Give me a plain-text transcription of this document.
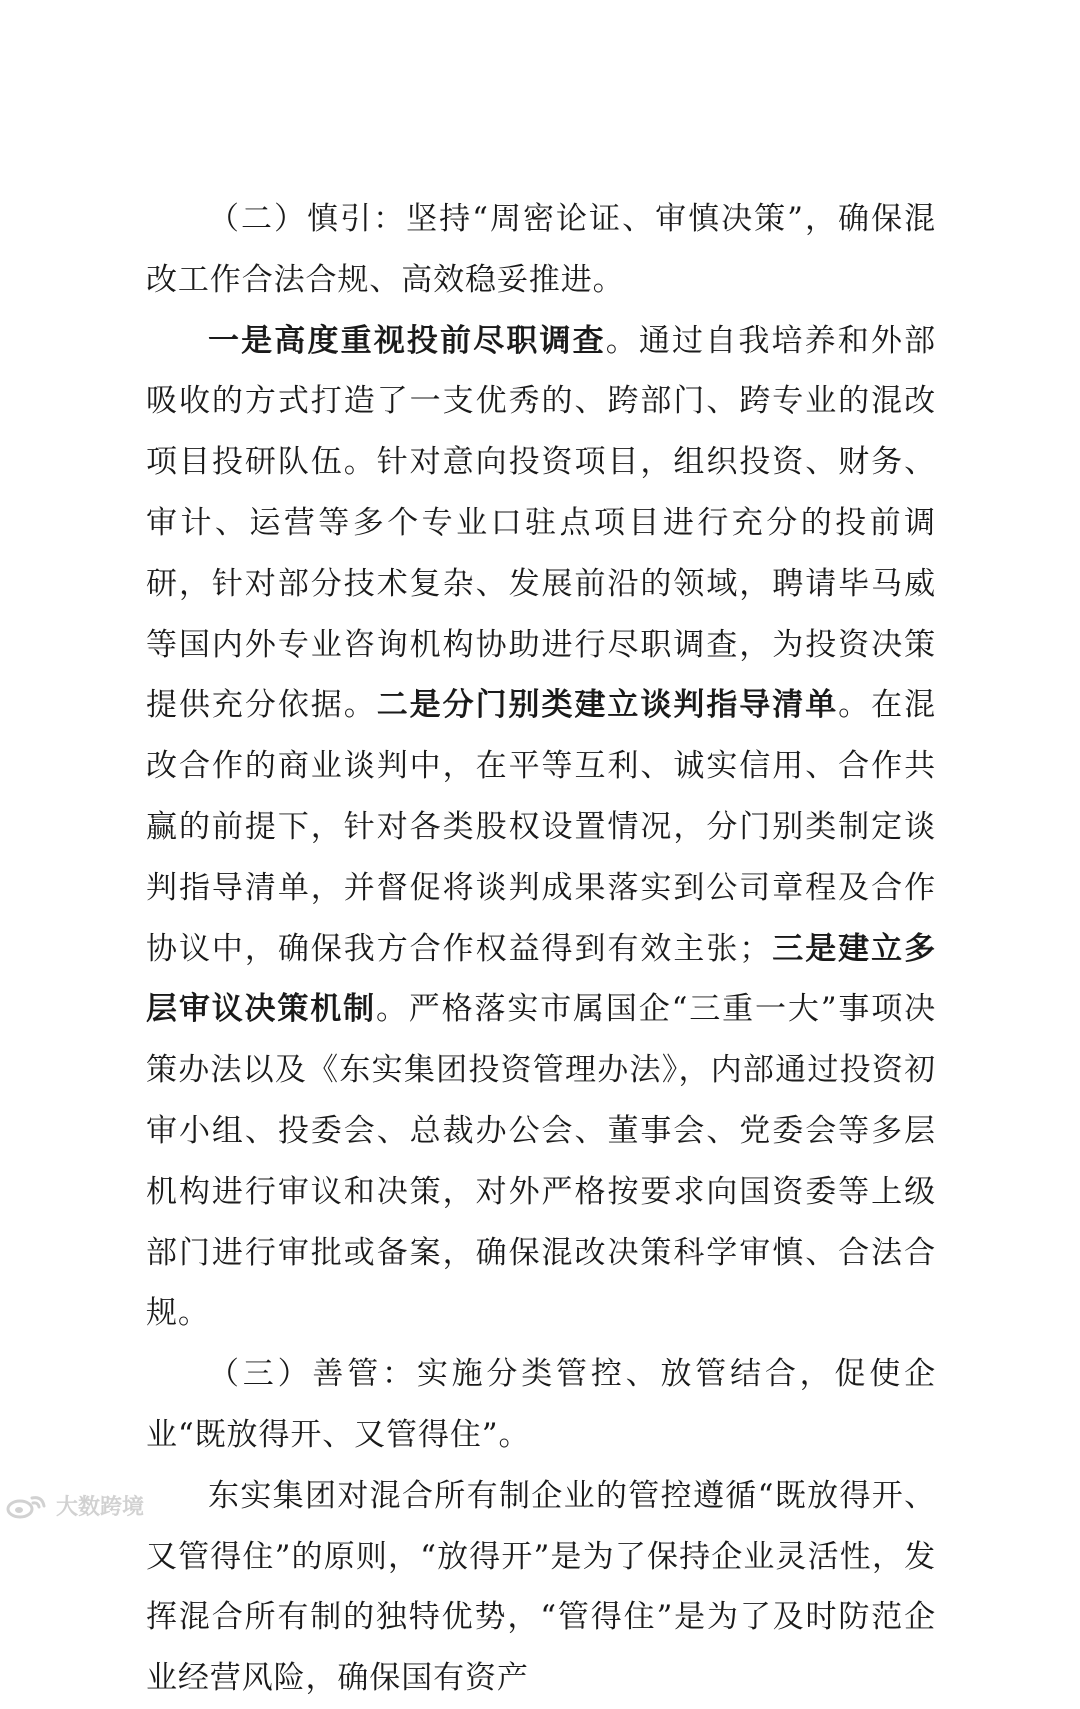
（二）慎引：坚持“周密论证、审慎决策”，确保混改工作合法合规、高效稳妥推进。

一是高度重视投前尽职调查。通过自我培养和外部吸收的方式打造了一支优秀的、跨部门、跨专业的混改项目投研队伍。针对意向投资项目，组织投资、财务、审计、运营等多个专业口驻点项目进行充分的投前调研，针对部分技术复杂、发展前沿的领域，聘请毕马威等国内外专业咨询机构协助进行尽职调查，为投资决策提供充分依据。二是分门别类建立谈判指导清单。在混改合作的商业谈判中，在平等互利、诚实信用、合作共赢的前提下，针对各类股权设置情况，分门别类制定谈判指导清单，并督促将谈判成果落实到公司章程及合作协议中，确保我方合作权益得到有效主张；三是建立多层审议决策机制。严格落实市属国企“三重一大”事项决策办法以及《东实集团投资管理办法》，内部通过投资初审小组、投委会、总裁办公会、董事会、党委会等多层机构进行审议和决策，对外严格按要求向国资委等上级部门进行审批或备案，确保混改决策科学审慎、合法合规。

（三）善管：实施分类管控、放管结合，促使企业“既放得开、又管得住”。

东实集团对混合所有制企业的管控遵循“既放得开、又管得住”的原则，“放得开”是为了保持企业灵活性，发挥混合所有制的独特优势，“管得住”是为了及时防范企业经营风险，确保国有资产

大数跨境
